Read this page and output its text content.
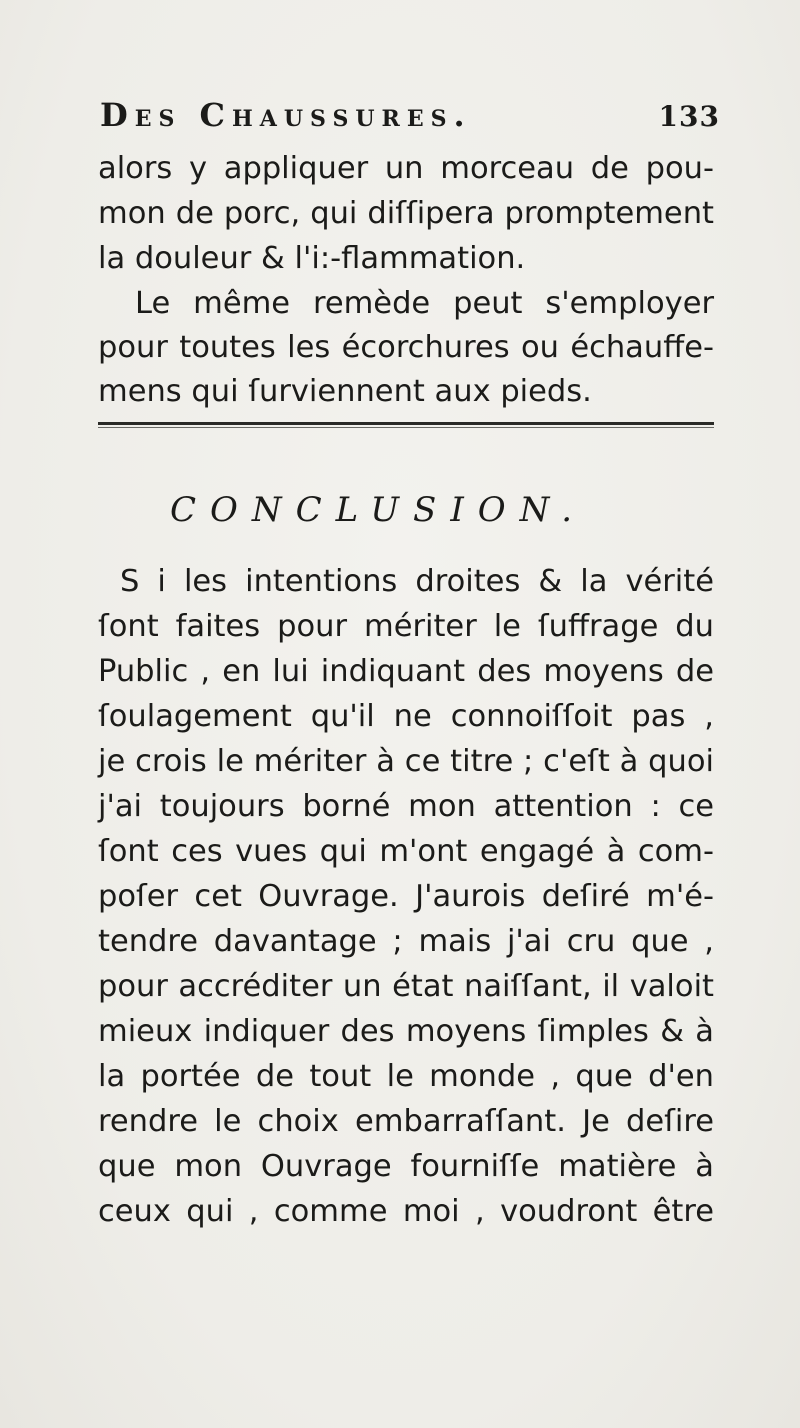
Des Chaussures.	133
alors y appliquer un morceau de pou-
mon de porc, qui diſſipera promptement
la douleur & l'i:-flammation.
Le même remède peut s'employer
pour toutes les écorchures ou échauffe-
mens qui ſurviennent aux pieds.
CONCLUSION.
S i les intentions droites & la vérité
ſont faites pour mériter le ſuffrage du
Public , en lui indiquant des moyens de
ſoulagement qu'il ne connoiſſoit pas ,
je crois le mériter à ce titre ; c'eſt à quoi
j'ai toujours borné mon attention : ce
ſont ces vues qui m'ont engagé à com-
poſer cet Ouvrage. J'aurois deſiré m'é-
tendre davantage ; mais j'ai cru que ,
pour accréditer un état naiſſant, il valoit
mieux indiquer des moyens ſimples & à
la portée de tout le monde , que d'en
rendre le choix embarraſſant. Je deſire
que mon Ouvrage fourniſſe matière à
ceux qui , comme moi , voudront être
